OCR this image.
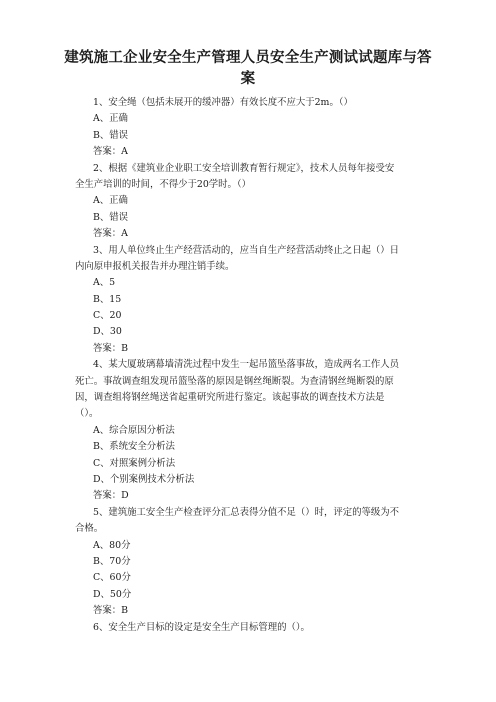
建筑施工企业安全生产管理人员安全生产测试试题库与答
案
1、安全绳（包括未展开的缓冲器）有效长度不应大于2m。（）
A、正确
B、错误
答案：A
2、根据《建筑业企业职工安全培训教育暂行规定》，技术人员每年接受安
全生产培训的时间，不得少于20学时。（）
A、正确
B、错误
答案：A
3、用人单位终止生产经营活动的，应当自生产经营活动终止之日起（）日
内向原申报机关报告并办理注销手续。
A、5
B、15
C、20
D、30
答案：B
4、某大厦玻璃幕墙清洗过程中发生一起吊篮坠落事故，造成两名工作人员
死亡。事故调查组发现吊篮坠落的原因是钢丝绳断裂。为查清钢丝绳断裂的原
因，调查组将钢丝绳送省起重研究所进行鉴定。该起事故的调查技术方法是
（）。
A、综合原因分析法
B、系统安全分析法
C、对照案例分析法
D、个别案例技术分析法
答案：D
5、建筑施工安全生产检查评分汇总表得分值不足（）时，评定的等级为不
合格。
A、80分
B、70分
C、60分
D、50分
答案：B
6、安全生产目标的设定是安全生产目标管理的（）。
